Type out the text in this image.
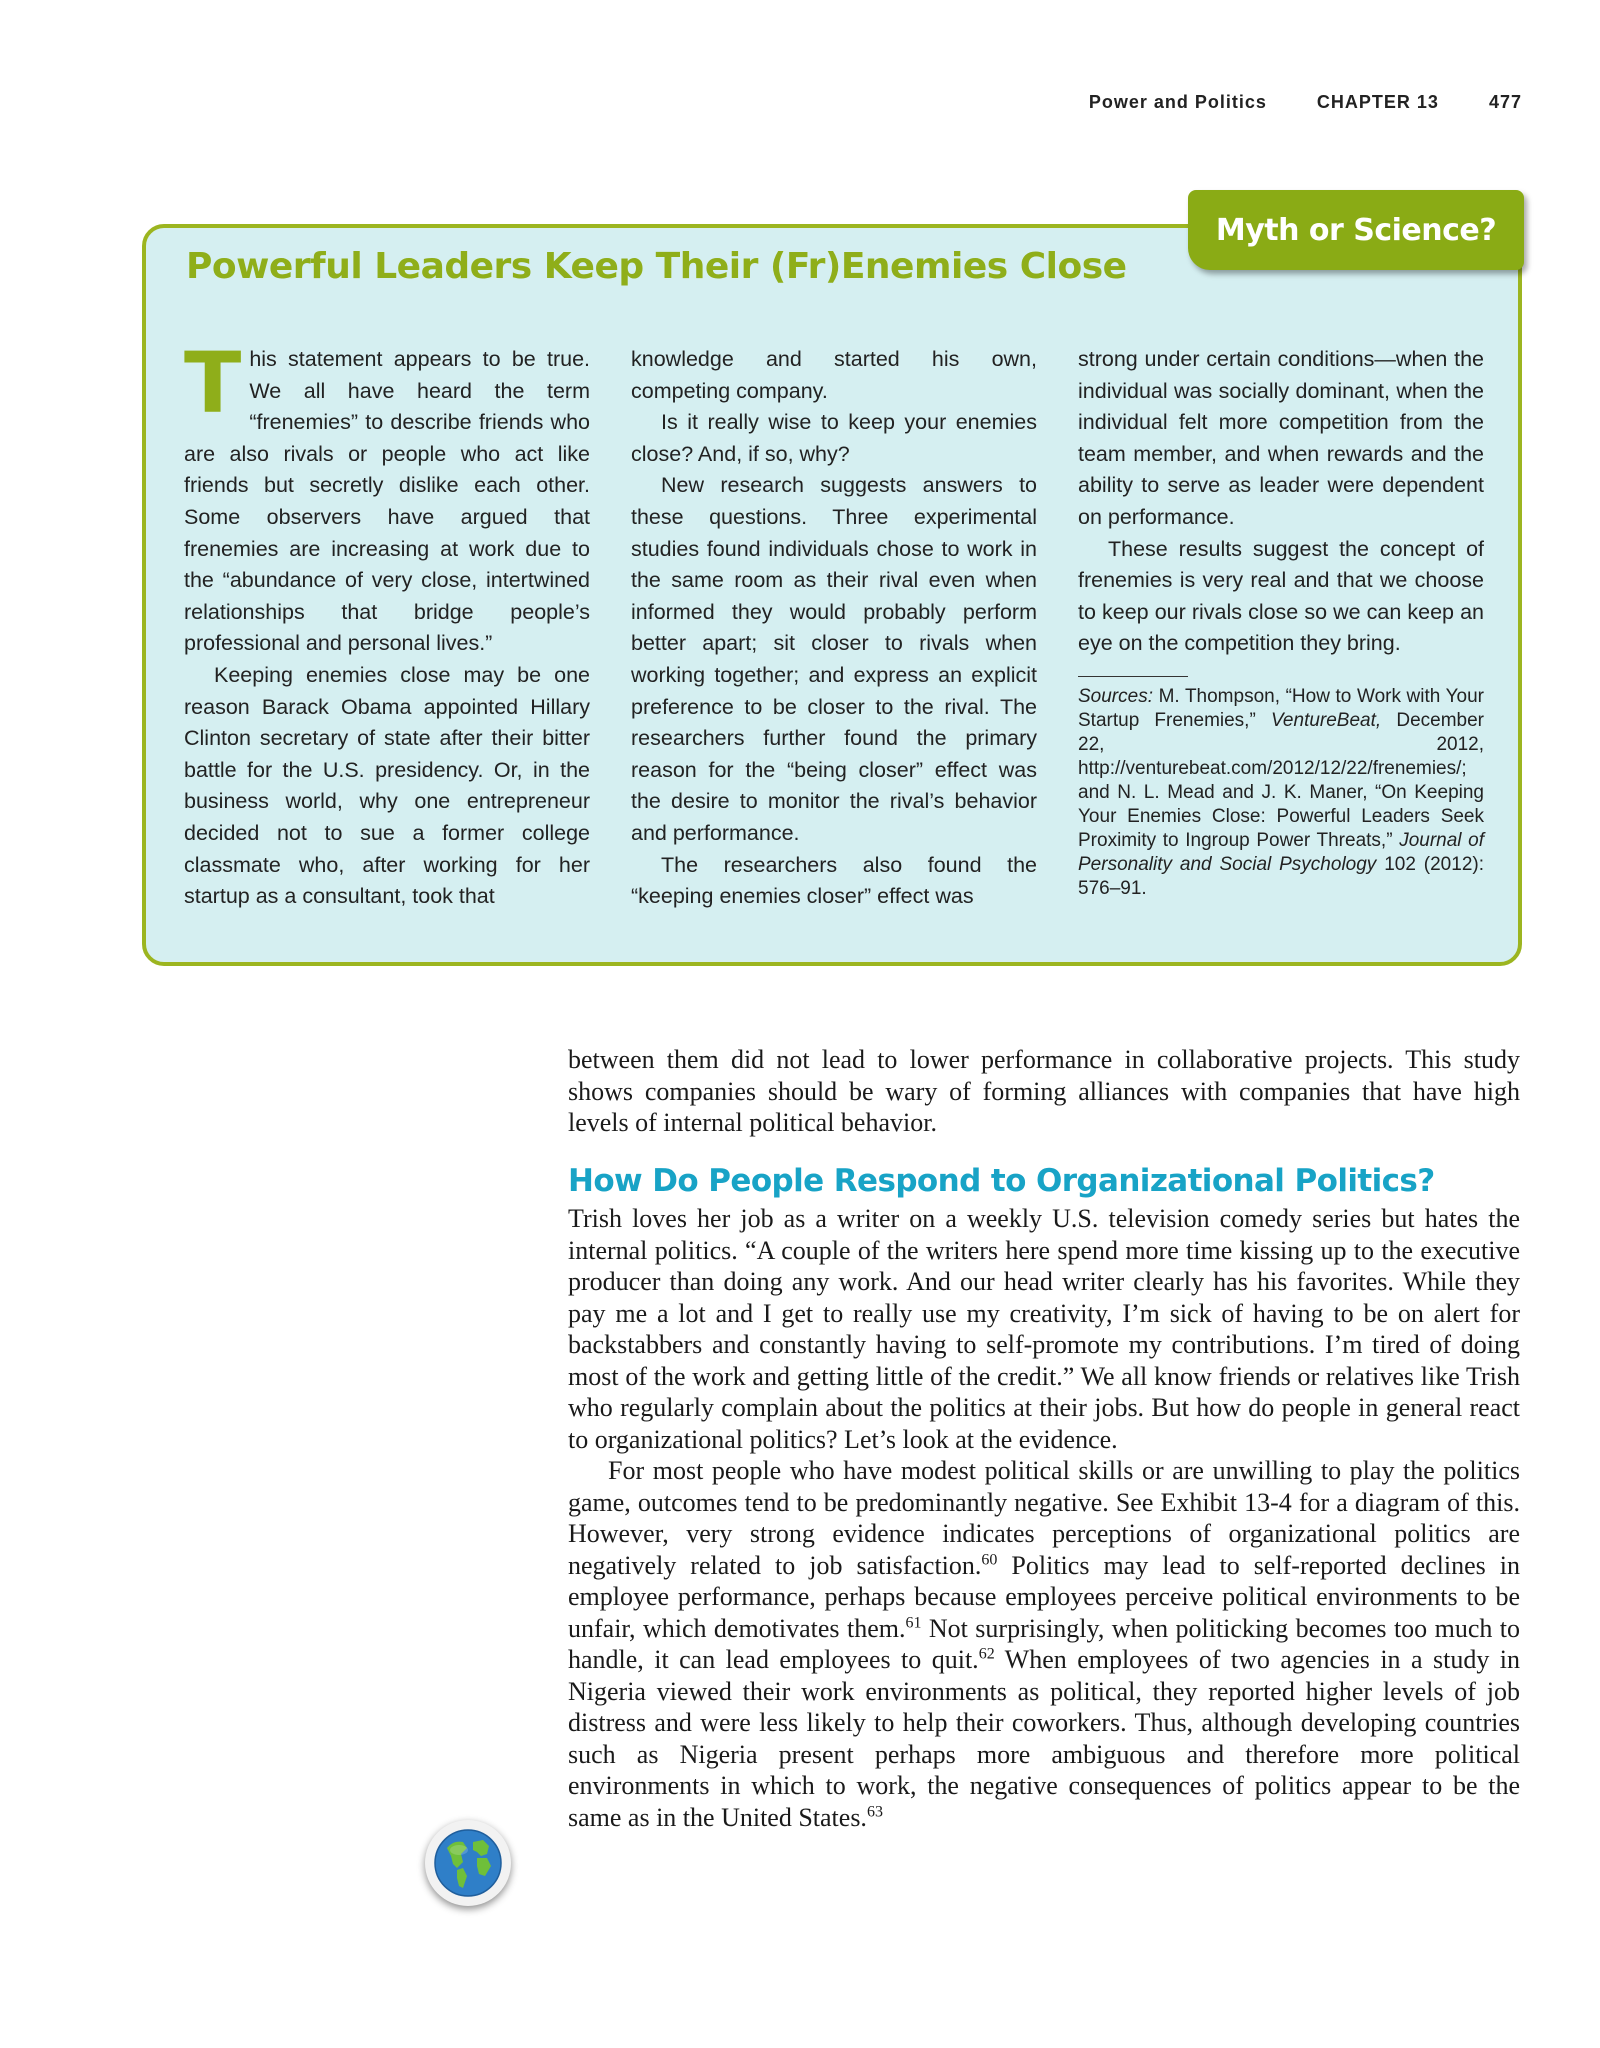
Power and Politics	CHAPTER 13	477
Powerful Leaders Keep Their (Fr)Enemies Close

This statement appears to be true. We all have heard the term “frenemies” to describe friends who are also rivals or people who act like friends but secretly dislike each other. Some observers have argued that frenemies are increasing at work due to the “abundance of very close, intertwined relationships that bridge people’s professional and personal lives.”

Keeping enemies close may be one reason Barack Obama appointed Hillary Clinton secretary of state after their bitter battle for the U.S. presidency. Or, in the business world, why one entrepreneur decided not to sue a former college classmate who, after working for her startup as a consultant, took that

knowledge and started his own, competing company.

Is it really wise to keep your enemies close? And, if so, why?

New research suggests answers to these questions. Three experimental studies found individuals chose to work in the same room as their rival even when informed they would probably perform better apart; sit closer to rivals when working together; and express an explicit preference to be closer to the rival. The researchers further found the primary reason for the “being closer” effect was the desire to monitor the rival’s behavior and performance.

The researchers also found the “keeping enemies closer” effect was

strong under certain conditions—when the individual was socially dominant, when the individual felt more competition from the team member, and when rewards and the ability to serve as leader were dependent on performance.

These results suggest the concept of frenemies is very real and that we choose to keep our rivals close so we can keep an eye on the competition they bring.

Sources: M. Thompson, “How to Work with Your Startup Frenemies,” VentureBeat, December 22, 2012, http://venturebeat.com/2012/12/22/frenemies/; and N. L. Mead and J. K. Maner, “On Keeping Your Enemies Close: Powerful Leaders Seek Proximity to Ingroup Power Threats,” Journal of Personality and Social Psychology 102 (2012): 576–91.

Myth or Science?

between them did not lead to lower performance in collaborative projects. This study shows companies should be wary of forming alliances with companies that have high levels of internal political behavior.

How Do People Respond to Organizational Politics?

Trish loves her job as a writer on a weekly U.S. television comedy series but hates the internal politics. “A couple of the writers here spend more time kissing up to the executive producer than doing any work. And our head writer clearly has his favorites. While they pay me a lot and I get to really use my creativity, I’m sick of having to be on alert for backstabbers and constantly having to self-promote my contributions. I’m tired of doing most of the work and getting little of the credit.” We all know friends or relatives like Trish who regularly complain about the politics at their jobs. But how do people in general react to organizational politics? Let’s look at the evidence.

For most people who have modest political skills or are unwilling to play the politics game, outcomes tend to be predominantly negative. See Exhibit 13-4 for a diagram of this. However, very strong evidence indicates perceptions of organizational politics are negatively related to job satisfaction.$^{60}$ Politics may lead to self-reported declines in employee performance, perhaps because employees perceive political environments to be unfair, which demotivates them.$^{61}$ Not surprisingly, when politicking becomes too much to handle, it can lead employees to quit.$^{62}$ When employees of two agencies in a study in Nigeria viewed their work environments as political, they reported higher levels of job distress and were less likely to help their coworkers. Thus, although developing countries such as Nigeria present perhaps more ambiguous and therefore more political environments in which to work, the negative consequences of politics appear to be the same as in the United States.$^{63}$
